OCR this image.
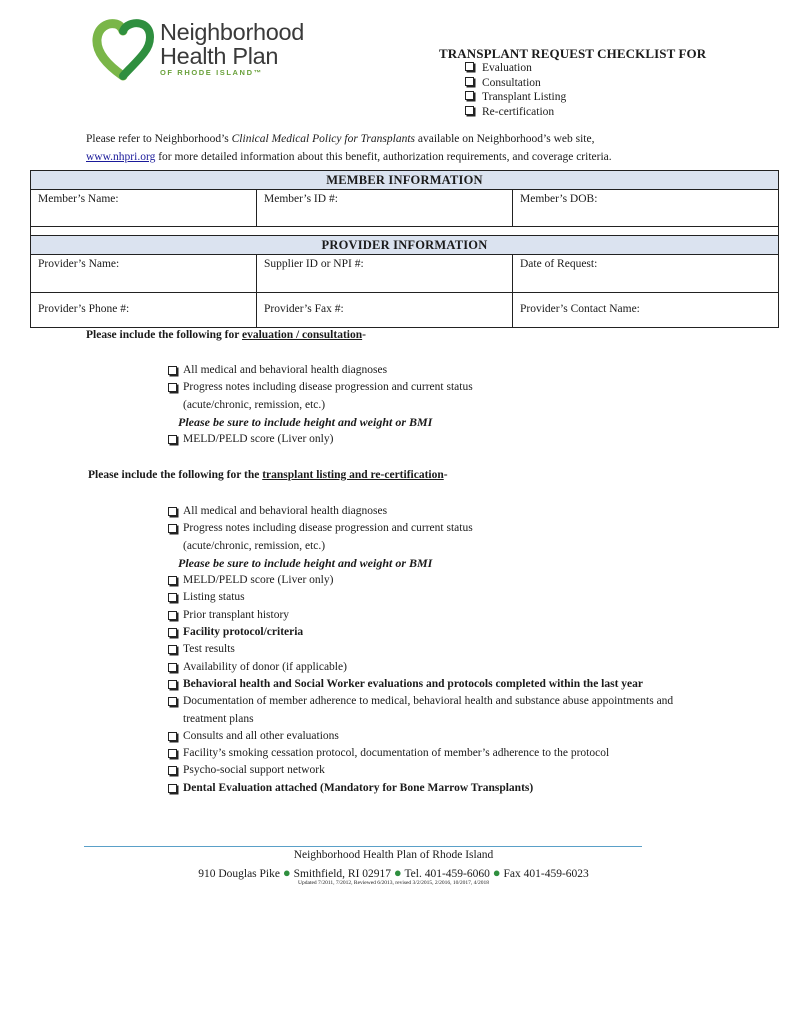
Neighborhood
Health Plan
OF RHODE ISLAND™
TRANSPLANT REQUEST CHECKLIST FOR
Evaluation
Consultation
Transplant Listing
Re-certification
Please refer to Neighborhood’s Clinical Medical Policy for Transplants available on Neighborhood’s web site,
www.nhpri.org for more detailed information about this benefit, authorization requirements, and coverage criteria.
MEMBER INFORMATION
Member’s Name:	Member’s ID #:	Member’s DOB:
PROVIDER INFORMATION
Provider’s Name:	Supplier ID or NPI #:	Date of Request:
Provider’s Phone #:	Provider’s Fax #:	Provider’s Contact Name:
Please include the following for evaluation / consultation-
All medical and behavioral health diagnoses
Progress notes including disease progression and current status
(acute/chronic, remission, etc.)
Please be sure to include height and weight or BMI
MELD/PELD score (Liver only)
Please include the following for the transplant listing and re-certification-
All medical and behavioral health diagnoses
Progress notes including disease progression and current status
(acute/chronic, remission, etc.)
Please be sure to include height and weight or BMI
MELD/PELD score (Liver only)
Listing status
Prior transplant history
Facility protocol/criteria
Test results
Availability of donor (if applicable)
Behavioral health and Social Worker evaluations and protocols completed within the last year
Documentation of member adherence to medical, behavioral health and substance abuse appointments and
treatment plans
Consults and all other evaluations
Facility’s smoking cessation protocol, documentation of member’s adherence to the protocol
Psycho-social support network
Dental Evaluation attached (Mandatory for Bone Marrow Transplants)
Neighborhood Health Plan of Rhode Island
910 Douglas Pike ● Smithfield, RI 02917 ● Tel. 401-459-6060 ● Fax 401-459-6023
Updated 7/2011, 7/2012, Reviewed 6/2013, revised 3/2/2015, 2/2016, 10/2017, 4/2018
